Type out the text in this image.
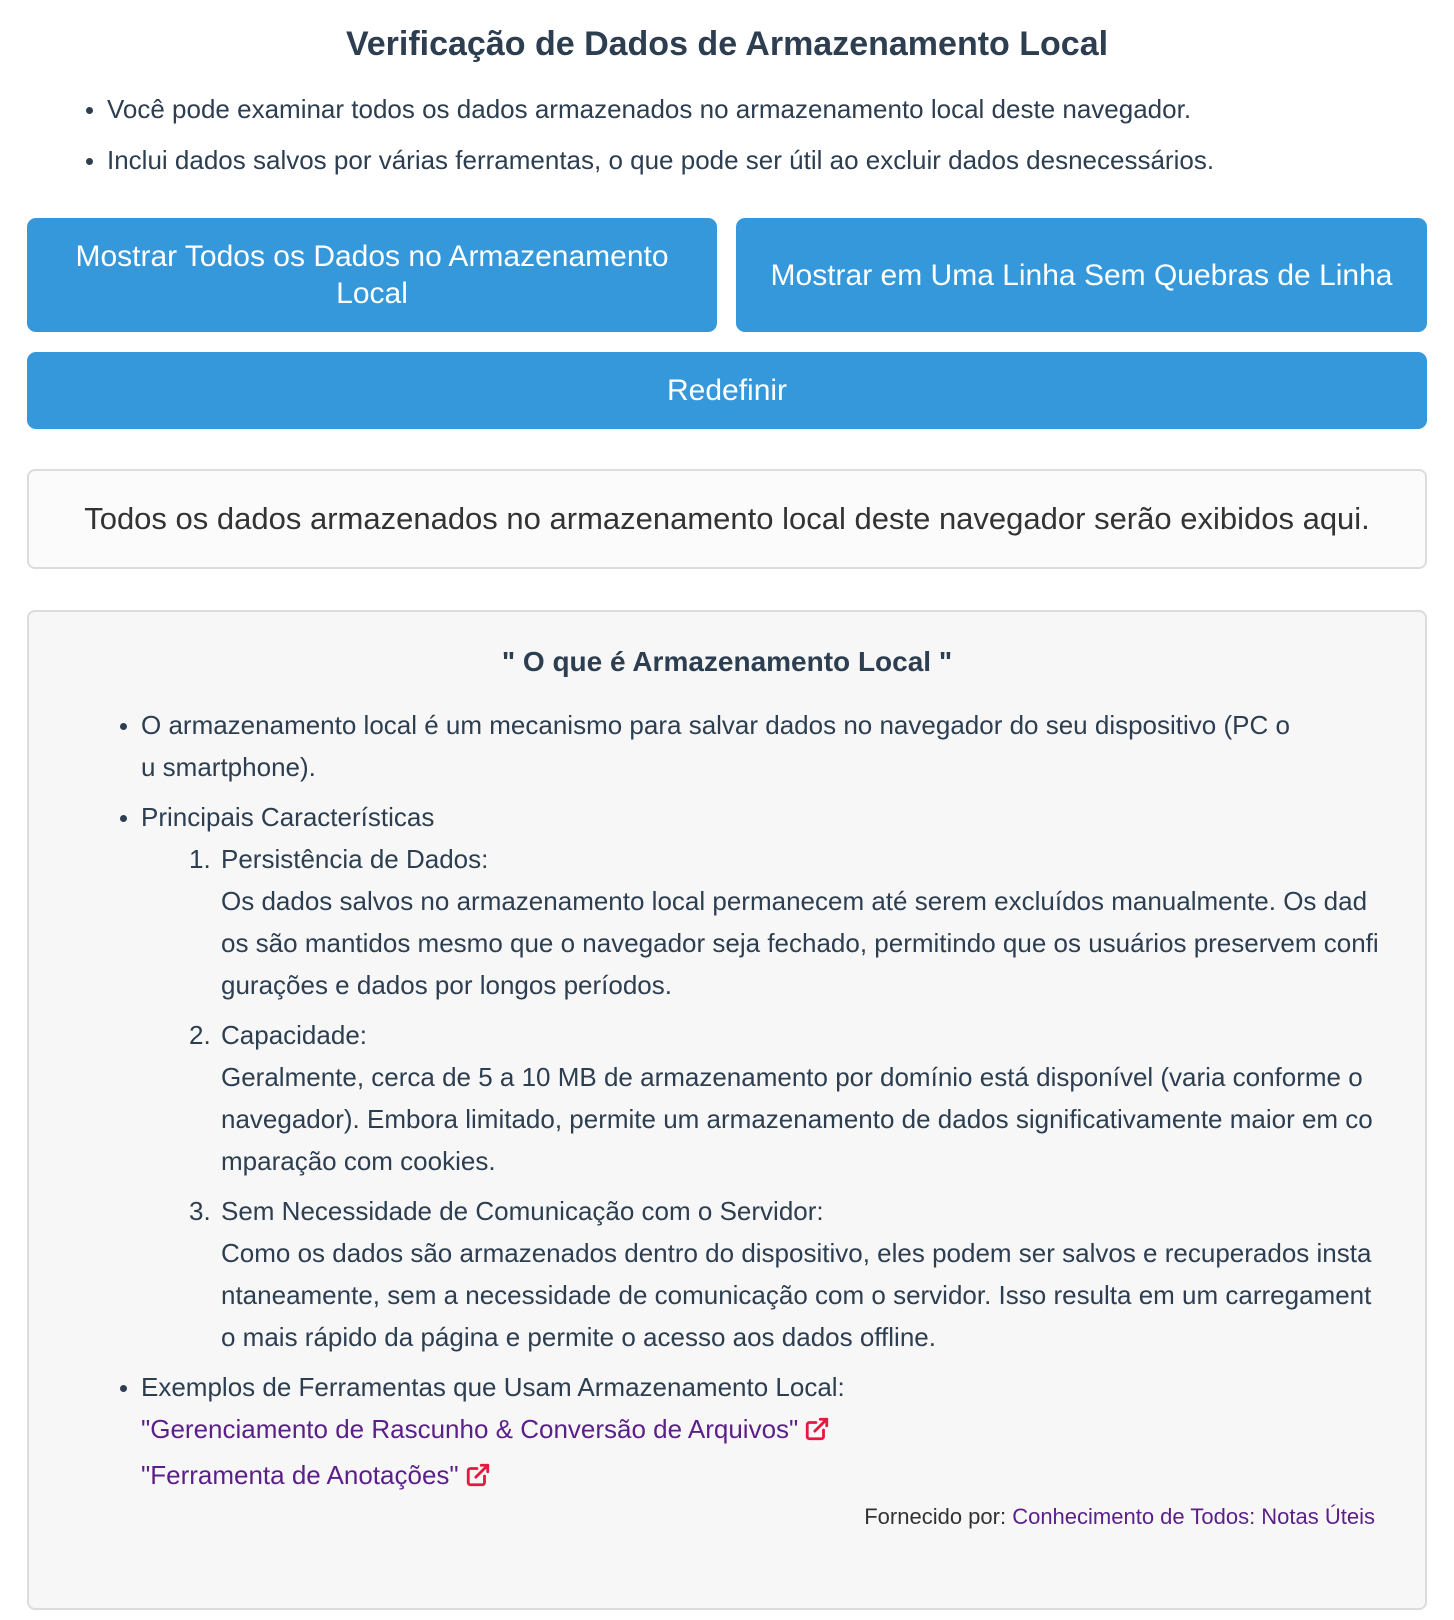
Verificação de Dados de Armazenamento Local
Você pode examinar todos os dados armazenados no armazenamento local deste navegador.
Inclui dados salvos por várias ferramentas, o que pode ser útil ao excluir dados desnecessários.
Mostrar Todos os Dados no Armazenamento Local
Mostrar em Uma Linha Sem Quebras de Linha
Redefinir
Todos os dados armazenados no armazenamento local deste navegador serão exibidos aqui.
" O que é Armazenamento Local "
O armazenamento local é um mecanismo para salvar dados no navegador do seu dispositivo (PC ou smartphone).
Principais Características
1. Persistência de Dados:
Os dados salvos no armazenamento local permanecem até serem excluídos manualmente. Os dados são mantidos mesmo que o navegador seja fechado, permitindo que os usuários preservem configurações e dados por longos períodos.
2. Capacidade:
Geralmente, cerca de 5 a 10 MB de armazenamento por domínio está disponível (varia conforme o navegador). Embora limitado, permite um armazenamento de dados significativamente maior em comparação com cookies.
3. Sem Necessidade de Comunicação com o Servidor:
Como os dados são armazenados dentro do dispositivo, eles podem ser salvos e recuperados instantaneamente, sem a necessidade de comunicação com o servidor. Isso resulta em um carregamento mais rápido da página e permite o acesso aos dados offline.
Exemplos de Ferramentas que Usam Armazenamento Local:
"Gerenciamento de Rascunho & Conversão de Arquivos"
"Ferramenta de Anotações"
Fornecido por: Conhecimento de Todos: Notas Úteis
